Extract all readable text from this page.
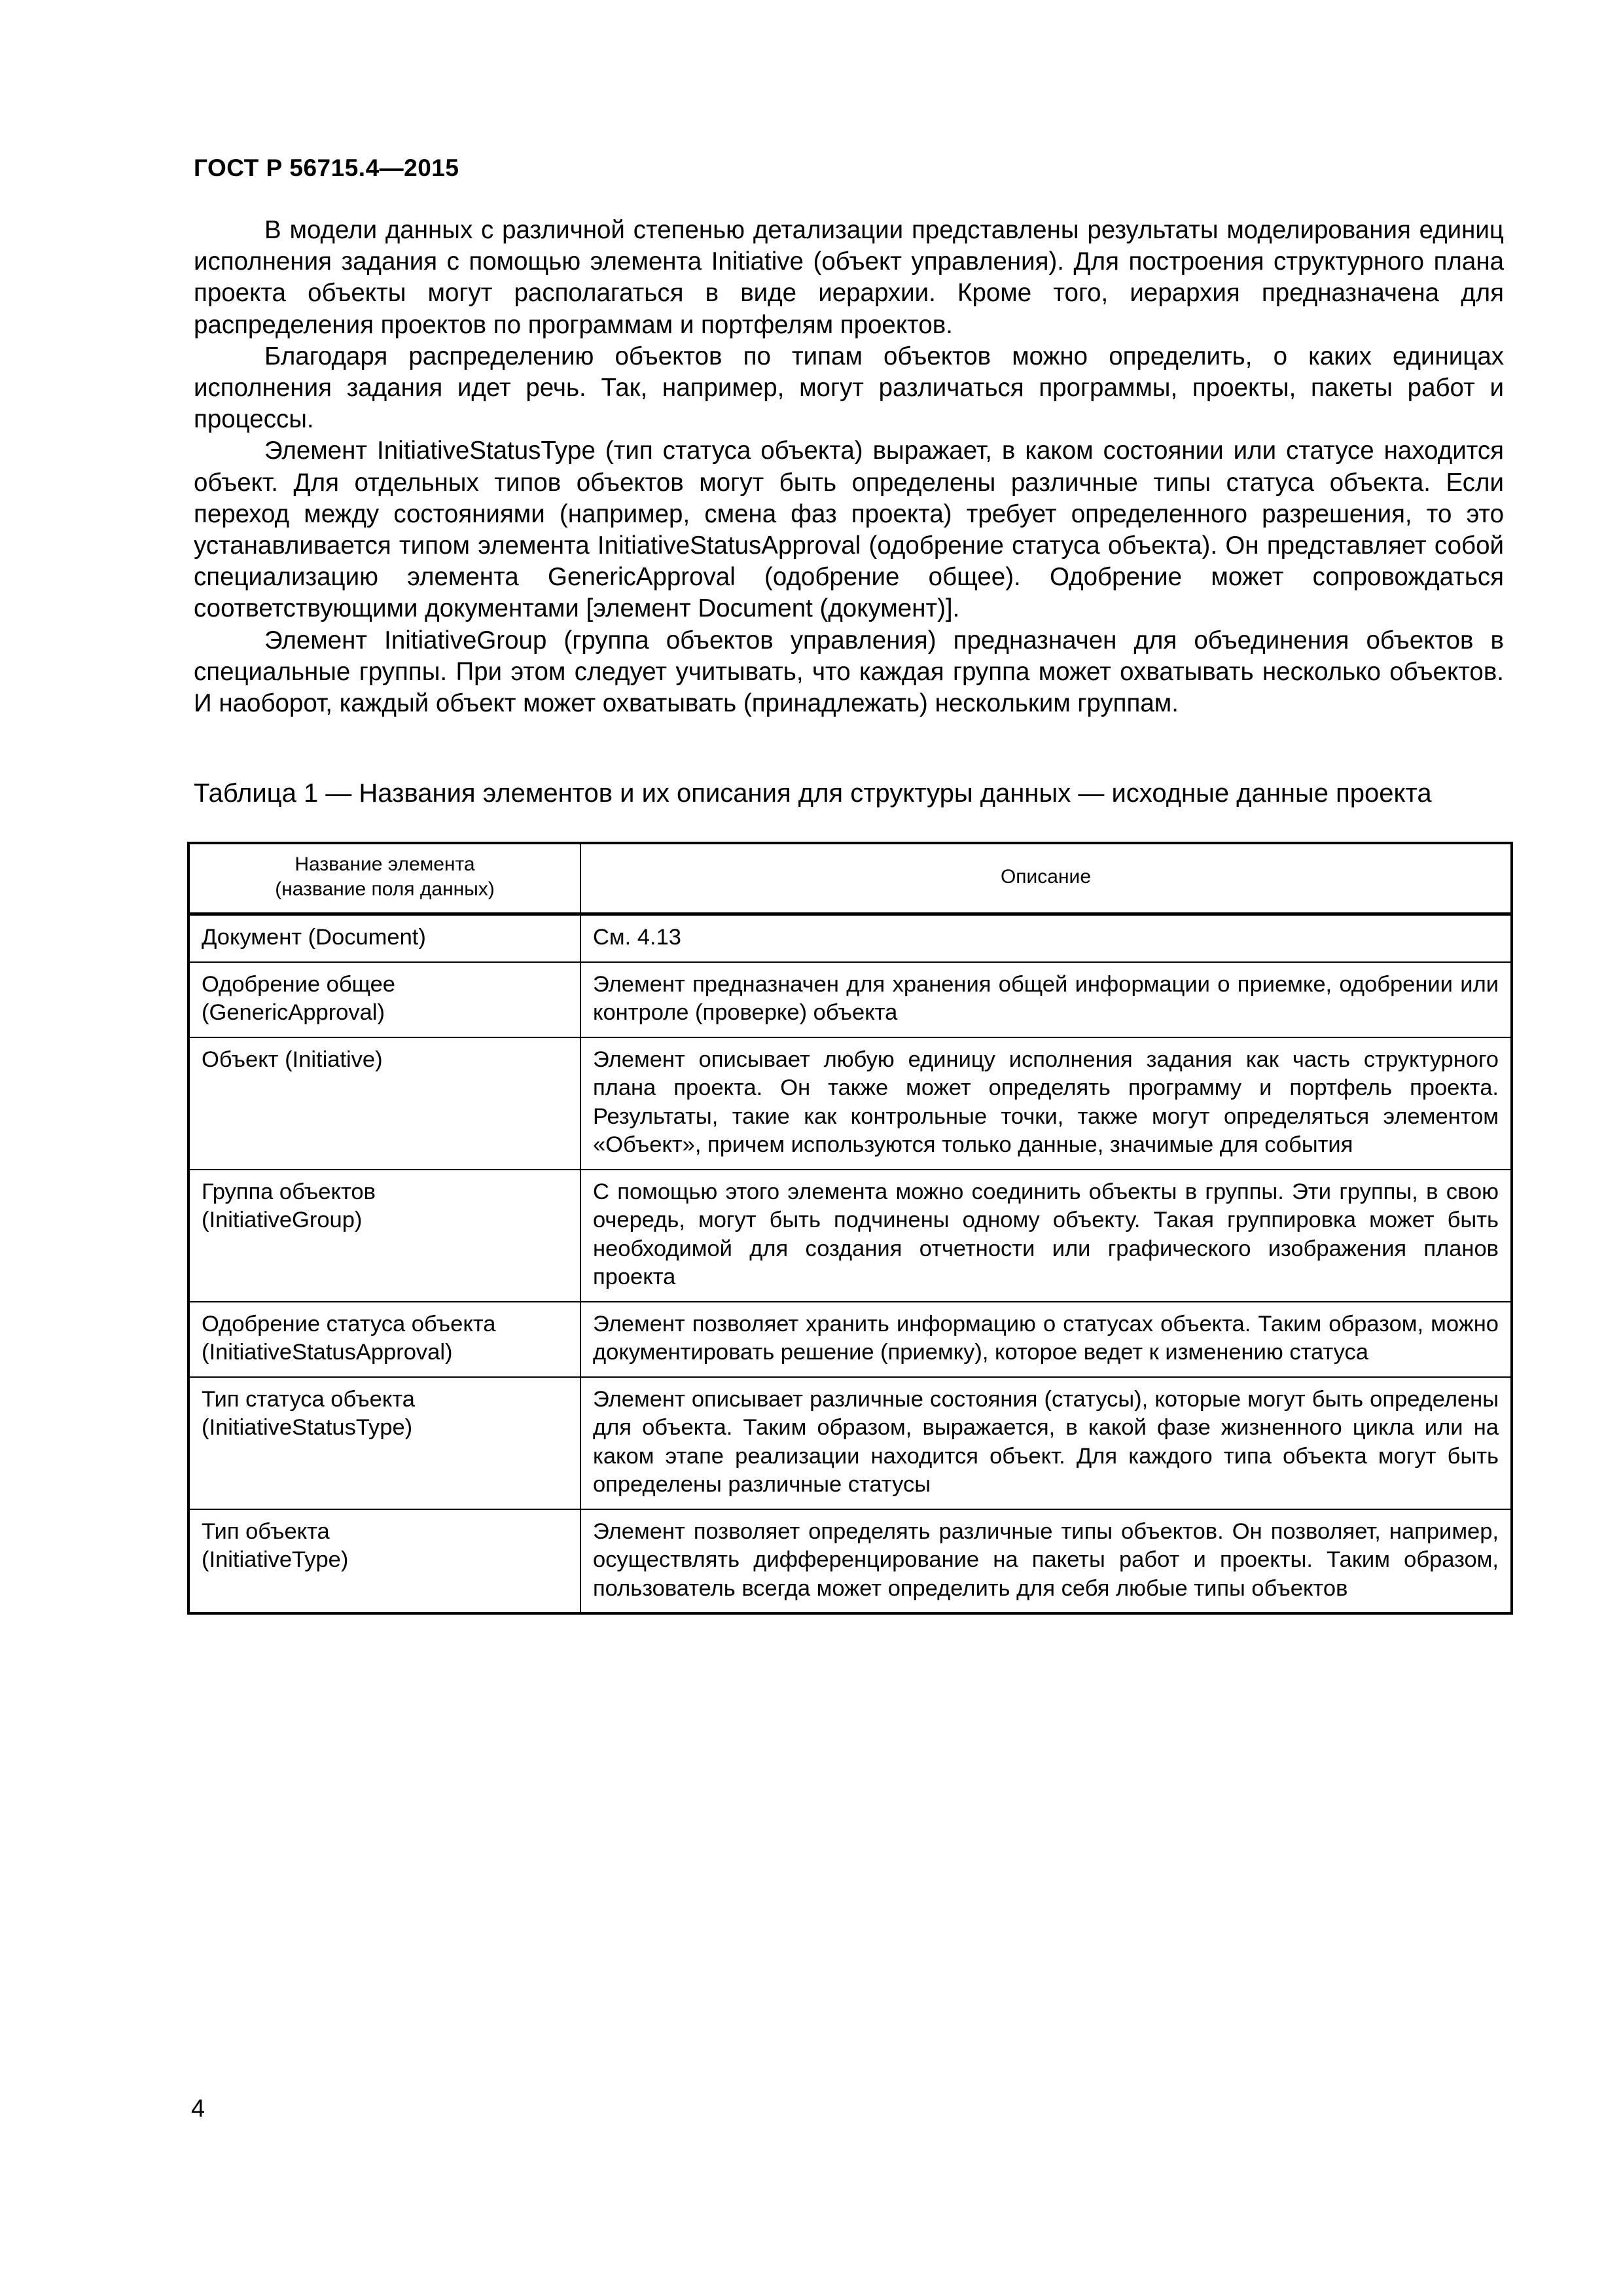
ГОСТ Р 56715.4—2015

В модели данных с различной степенью детализации представлены результаты моделирования единиц исполнения задания с помощью элемента Initiative (объект управления). Для построения структурного плана проекта объекты могут располагаться в виде иерархии. Кроме того, иерархия предназначена для распределения проектов по программам и портфелям проектов.

Благодаря распределению объектов по типам объектов можно определить, о каких единицах исполнения задания идет речь. Так, например, могут различаться программы, проекты, пакеты работ и процессы.

Элемент InitiativeStatusType (тип статуса объекта) выражает, в каком состоянии или статусе находится объект. Для отдельных типов объектов могут быть определены различные типы статуса объекта. Если переход между состояниями (например, смена фаз проекта) требует определенного разрешения, то это устанавливается типом элемента InitiativeStatusApproval (одобрение статуса объекта). Он представляет собой специализацию элемента GenericApproval (одобрение общее). Одобрение может сопровождаться соответствующими документами [элемент Document (документ)].

Элемент InitiativeGroup (группа объектов управления) предназначен для объединения объектов в специальные группы. При этом следует учитывать, что каждая группа может охватывать несколько объектов. И наоборот, каждый объект может охватывать (принадлежать) нескольким группам.

Таблица 1 — Названия элементов и их описания для структуры данных — исходные данные проекта
Название элемента
(название поля данных)	Описание
Документ (Document)	См. 4.13
Одобрение общее
(GenericApproval)	Элемент предназначен для хранения общей информации о приемке, одобрении или контроле (проверке) объекта
Объект (Initiative)	Элемент описывает любую единицу исполнения задания как часть структурного плана проекта. Он также может определять программу и портфель проекта. Результаты, такие как контрольные точки, также могут определяться элементом «Объект», причем используются только данные, значимые для события
Группа объектов
(InitiativeGroup)	С помощью этого элемента можно соединить объекты в группы. Эти группы, в свою очередь, могут быть подчинены одному объекту. Такая группировка может быть необходимой для создания отчетности или графического изображения планов проекта
Одобрение статуса объекта
(InitiativeStatusApproval)	Элемент позволяет хранить информацию о статусах объекта. Таким образом, можно документировать решение (приемку), которое ведет к изменению статуса
Тип статуса объекта
(InitiativeStatusType)	Элемент описывает различные состояния (статусы), которые могут быть определены для объекта. Таким образом, выражается, в какой фазе жизненного цикла или на каком этапе реализации находится объект. Для каждого типа объекта могут быть определены различные статусы
Тип объекта
(InitiativeType)	Элемент позволяет определять различные типы объектов. Он позволяет, например, осуществлять дифференцирование на пакеты работ и проекты. Таким образом, пользователь всегда может определить для себя любые типы объектов
4
